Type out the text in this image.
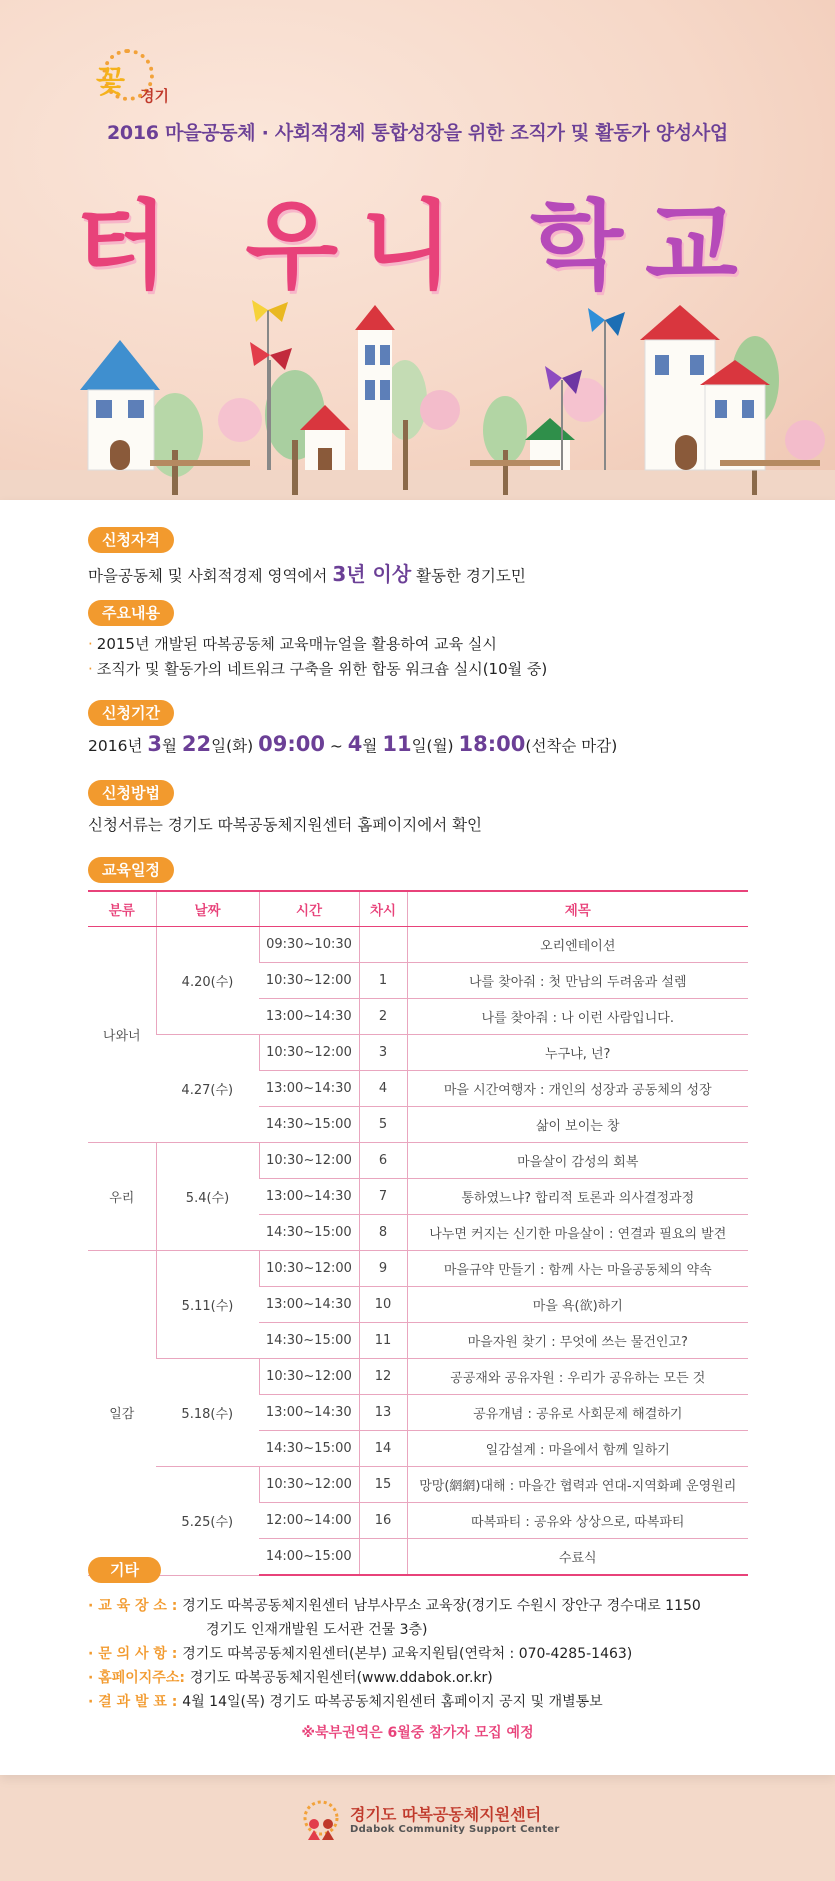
꽃 경기
2016 마을공동체 · 사회적경제 통합성장을 위한 조직가 및 활동가 양성사업
터 우니 학교
신청자격
마을공동체 및 사회적경제 영역에서 3년 이상 활동한 경기도민
주요내용
· 2015년 개발된 따복공동체 교육매뉴얼을 활용하여 교육 실시
· 조직가 및 활동가의 네트워크 구축을 위한 합동 워크숍 실시(10월 중)
신청기간
2016년 3월 22일(화) 09:00 ~ 4월 11일(월) 18:00(선착순 마감)
신청방법
신청서류는 경기도 따복공동체지원센터 홈페이지에서 확인
교육일정
분류	날짜	시간	차시	제목
나와너	4.20(수)	09:30~10:30		오리엔테이션
		10:30~12:00	1	나를 찾아줘 : 첫 만남의 두려움과 설렘
		13:00~14:30	2	나를 찾아줘 : 나 이런 사람입니다.
	4.27(수)	10:30~12:00	3	누구냐, 넌?
		13:00~14:30	4	마을 시간여행자 : 개인의 성장과 공동체의 성장
		14:30~15:00	5	삶이 보이는 창
우리	5.4(수)	10:30~12:00	6	마을살이 감성의 회복
		13:00~14:30	7	통하였느냐? 합리적 토론과 의사결정과정
		14:30~15:00	8	나누면 커지는 신기한 마을살이 : 연결과 필요의 발견
일감	5.11(수)	10:30~12:00	9	마을규약 만들기 : 함께 사는 마을공동체의 약속
		13:00~14:30	10	마을 욕(欲)하기
		14:30~15:00	11	마을자원 찾기 : 무엇에 쓰는 물건인고?
	5.18(수)	10:30~12:00	12	공공재와 공유자원 : 우리가 공유하는 모든 것
		13:00~14:30	13	공유개념 : 공유로 사회문제 해결하기
		14:30~15:00	14	일감설계 : 마을에서 함께 일하기
	5.25(수)	10:30~12:00	15	망망(網網)대해 : 마을간 협력과 연대-지역화폐 운영원리
		12:00~14:00	16	따복파티 : 공유와 상상으로, 따복파티
		14:00~15:00		수료식
기타
· 교 육 장 소 : 경기도 따복공동체지원센터 남부사무소 교육장(경기도 수원시 장안구 경수대로 1150
경기도 인재개발원 도서관 건물 3층)
· 문 의 사 항 : 경기도 따복공동체지원센터(본부) 교육지원팀(연락처 : 070-4285-1463)
· 홈페이지주소: 경기도 따복공동체지원센터(www.ddabok.or.kr)
· 결 과 발 표 : 4월 14일(목) 경기도 따복공동체지원센터 홈페이지 공지 및 개별통보
※북부권역은 6월중 참가자 모집 예정
경기도 따복공동체지원센터
Ddabok Community Support Center
